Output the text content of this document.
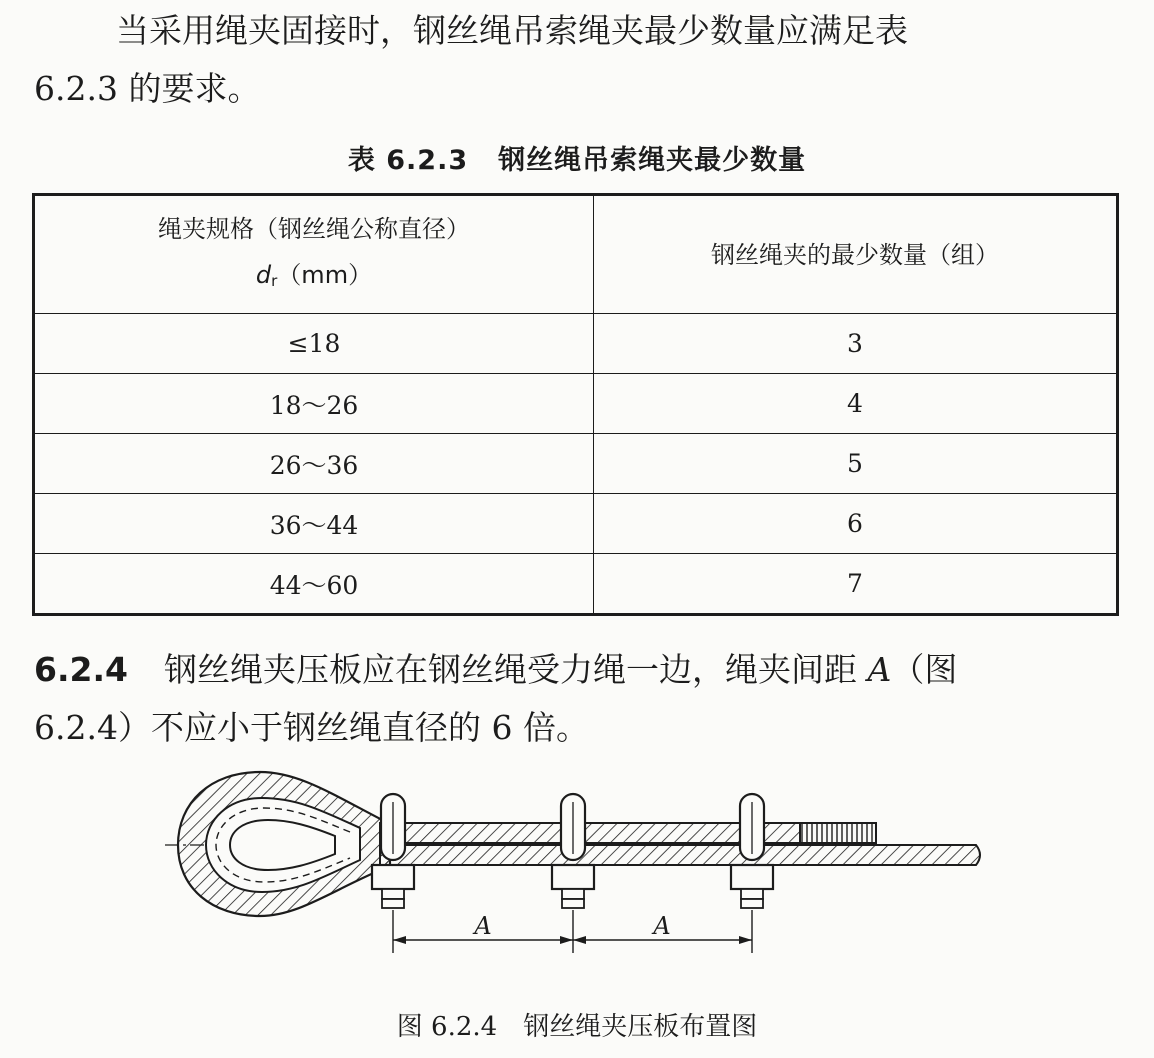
当采用绳夹固接时，钢丝绳吊索绳夹最少数量应满足表
6.2.3 的要求。

表 6.2.3 钢丝绳吊索绳夹最少数量
绳夹规格（钢丝绳公称直径）
dr（mm）	钢丝绳夹的最少数量（组）
≤18	3
18～26	4
26～36	5
36～44	6
44～60	7

6.2.4 钢丝绳夹压板应在钢丝绳受力绳一边，绳夹间距 A（图
6.2.4）不应小于钢丝绳直径的 6 倍。

A	A
图 6.2.4 钢丝绳夹压板布置图
